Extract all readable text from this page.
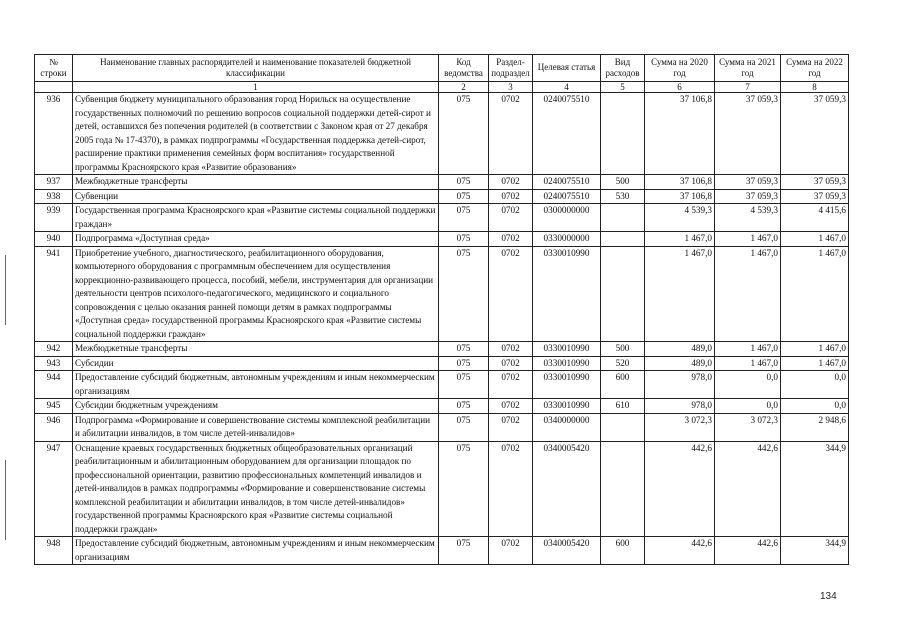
№ строки	Наименование главных распорядителей и наименование показателей бюджетной классификации	Код ведомства	Раздел-подраздел	Целевая статья	Вид расходов	Сумма на 2020 год	Сумма на 2021 год	Сумма на 2022 год
	1	2	3	4	5	6	7	8
936	Субвенция бюджету муниципального образования город Норильск на осуществление государственных полномочий по решению вопросов социальной поддержки детей-сирот и детей, оставшихся без попечения родителей (в соответствии с Законом края от 27 декабря 2005 года № 17-4370), в рамках подпрограммы «Государственная поддержка детей-сирот, расширение практики применения семейных форм воспитания» государственной программы Красноярского края «Развитие образования»	075	0702	0240075510		37 106,8	37 059,3	37 059,3
937	Межбюджетные трансферты	075	0702	0240075510	500	37 106,8	37 059,3	37 059,3
938	Субвенции	075	0702	0240075510	530	37 106,8	37 059,3	37 059,3
939	Государственная программа Красноярского края «Развитие системы социальной поддержки граждан»	075	0702	0300000000		4 539,3	4 539,3	4 415,6
940	Подпрограмма «Доступная среда»	075	0702	0330000000		1 467,0	1 467,0	1 467,0
941	Приобретение учебного, диагностического, реабилитационного оборудования, компьютерного оборудования с программным обеспечением для осуществления коррекционно-развивающего процесса, пособий, мебели, инструментария для организации деятельности центров психолого-педагогического, медицинского и социального сопровождения с целью оказания ранней помощи детям в рамках подпрограммы «Доступная среда» государственной программы Красноярского края «Развитие системы социальной поддержки граждан»	075	0702	0330010990		1 467,0	1 467,0	1 467,0
942	Межбюджетные трансферты	075	0702	0330010990	500	489,0	1 467,0	1 467,0
943	Субсидии	075	0702	0330010990	520	489,0	1 467,0	1 467,0
944	Предоставление субсидий бюджетным, автономным учреждениям и иным некоммерческим организациям	075	0702	0330010990	600	978,0	0,0	0,0
945	Субсидии бюджетным учреждениям	075	0702	0330010990	610	978,0	0,0	0,0
946	Подпрограмма «Формирование и совершенствование системы комплексной реабилитации и абилитации инвалидов, в том числе детей-инвалидов»	075	0702	0340000000		3 072,3	3 072,3	2 948,6
947	Оснащение краевых государственных бюджетных общеобразовательных организаций реабилитационным и абилитационным оборудованием для организации площадок по профессиональной ориентации, развитию профессиональных компетенций инвалидов и детей-инвалидов в рамках подпрограммы «Формирование и совершенствование системы комплексной реабилитации и абилитации инвалидов, в том числе детей-инвалидов» государственной программы Красноярского края «Развитие системы социальной поддержки граждан»	075	0702	0340005420		442,6	442,6	344,9
948	Предоставление субсидий бюджетным, автономным учреждениям и иным некоммерческим организациям	075	0702	0340005420	600	442,6	442,6	344,9
134
